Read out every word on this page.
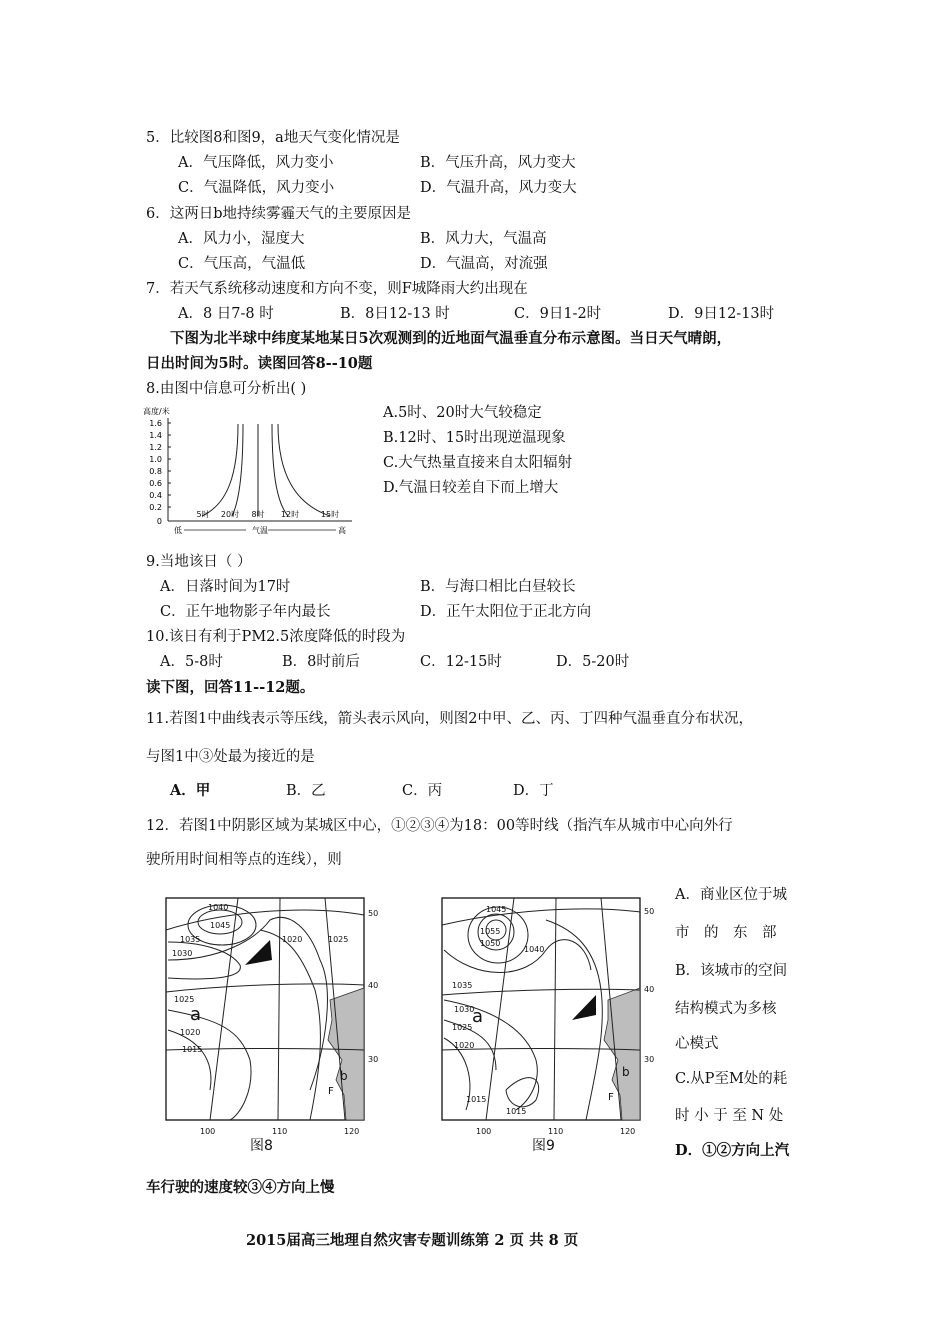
5．比较图8和图9，a地天气变化情况是
A．气压降低，风力变小	B．气压升高，风力变大
C．气温降低，风力变小	D．气温升高，风力变大
6．这两日b地持续雾霾天气的主要原因是
A．风力小，湿度大	B．风力大，气温高
C．气压高，气温低	D．气温高，对流强
7．若天气系统移动速度和方向不变，则F城降雨大约出现在
A．8 日7-8 时	B．8日12-13 时	C．9日1-2时	D．9日12-13时
下图为北半球中纬度某地某日5次观测到的近地面气温垂直分布示意图。当日天气晴朗，
日出时间为5时。读图回答8--10题
8.由图中信息可分析出( )
高度/米
1.6
1.4
1.2
1.0
0.8
0.6
0.4
0.2
0
5时 20时 8时 12时	15时
低	气温	高
A.5时、20时大气较稳定
B.12时、15时出现逆温现象
C.大气热量直接来自太阳辐射
D.气温日较差自下而上增大
9.当地该日（ ）
A．日落时间为17时	B．与海口相比白昼较长
C．正午地物影子年内最长	D．正午太阳位于正北方向
10.该日有利于PM2.5浓度降低的时段为
A．5-8时	B．8时前后	C．12-15时	D．5-20时
读下图，回答11--12题。
11.若图1中曲线表示等压线，箭头表示风向，则图2中甲、乙、丙、丁四种气温垂直分布状况，
与图1中③处最为接近的是
A．甲	B．乙	C．丙	D．丁
12．若图1中阴影区域为某城区中心，①②③④为18：00等时线（指汽车从城市中心向外行
驶所用时间相等点的连线），则
1040
1045
1035
1030
1025
1020
1015
1020	1025
50
40
30
100	110	120
a
b
F
图8
1045
1055
1050
1040
1035
1030
1025
1020
1015
1015
50
40
30
100	110	120
a
b
F
图9
A．商业区位于城
市　的　东　部
B．该城市的空间
结构模式为多核
心模式
C.从P至M处的耗
时 小 于 至 N 处
D．①②方向上汽
车行驶的速度较③④方向上慢
2015届高三地理自然灾害专题训练第 2 页 共 8 页
